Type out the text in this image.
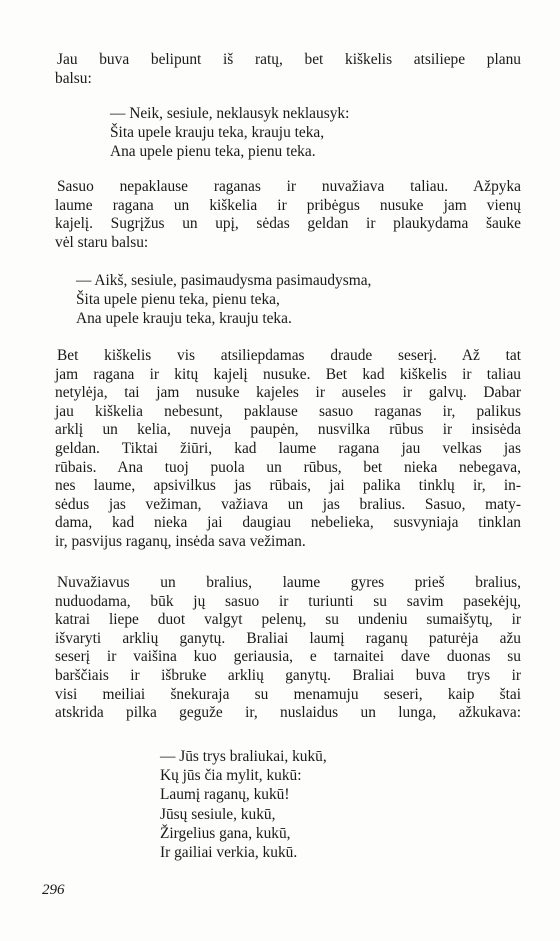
Jau buva belipunt iš ratų, bet kiškelis atsiliepe planu
balsu:
— Neik, sesiule, neklausyk neklausyk:
Šita upele krauju teka, krauju teka,
Ana upele pienu teka, pienu teka.
Sasuo nepaklause raganas ir nuvažiava taliau. Ažpyka
laume ragana un kiškelia ir pribėgus nusuke jam vienų
kajelį. Sugrįžus un upį, sėdas geldan ir plaukydama šauke
vėl staru balsu:
— Aikš, sesiule, pasimaudysma pasimaudysma,
Šita upele pienu teka, pienu teka,
Ana upele krauju teka, krauju teka.
Bet kiškelis vis atsiliepdamas draude seserį. Až tat
jam ragana ir kitų kajelį nusuke. Bet kad kiškelis ir taliau
netylėja, tai jam nusuke kajeles ir auseles ir galvų. Dabar
jau kiškelia nebesunt, paklause sasuo raganas ir, palikus
arklį un kelia, nuveja paupėn, nusvilka rūbus ir insisėda
geldan. Tiktai žiūri, kad laume ragana jau velkas jas
rūbais. Ana tuoj puola un rūbus, bet nieka nebegava,
nes laume, apsivilkus jas rūbais, jai palika tinklų ir, in-
sėdus jas vežiman, važiava un jas bralius. Sasuo, maty-
dama, kad nieka jai daugiau nebelieka, susvyniaja tinklan
ir, pasvijus raganų, insėda sava vežiman.
Nuvažiavus un bralius, laume gyres prieš bralius,
nuduodama, būk jų sasuo ir turiunti su savim pasekėjų,
katrai liepe duot valgyt pelenų, su undeniu sumaišytų, ir
išvaryti arklių ganytų. Braliai laumį raganų paturėja ažu
seserį ir vaišina kuo geriausia, e tarnaitei dave duonas su
barščiais ir išbruke arklių ganytų. Braliai buva trys ir
visi meiliai šnekuraja su menamuju seseri, kaip štai
atskrida pilka geguže ir, nuslaidus un lunga, ažkukava:
— Jūs trys braliukai, kukū,
Kų jūs čia mylit, kukū:
Laumį raganų, kukū!
Jūsų sesiule, kukū,
Žirgelius gana, kukū,
Ir gailiai verkia, kukū.
296
